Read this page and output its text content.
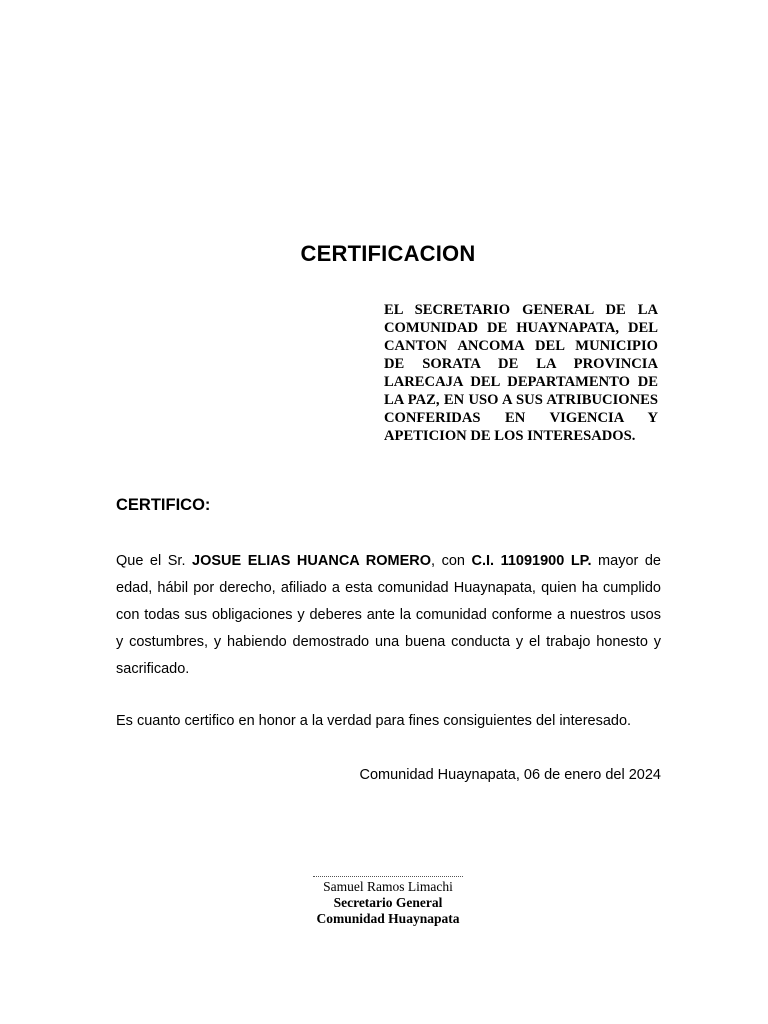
CERTIFICACION

EL SECRETARIO GENERAL DE LA COMUNIDAD DE HUAYNAPATA, DEL CANTON ANCOMA DEL MUNICIPIO DE SORATA DE LA PROVINCIA LARECAJA DEL DEPARTAMENTO DE LA PAZ, EN USO A SUS ATRIBUCIONES CONFERIDAS EN VIGENCIA Y APETICION DE LOS INTERESADOS.

CERTIFICO:

Que el Sr. JOSUE ELIAS HUANCA ROMERO, con C.I. 11091900 LP. mayor de edad, hábil por derecho, afiliado a esta comunidad Huaynapata, quien ha cumplido con todas sus obligaciones y deberes ante la comunidad conforme a nuestros usos y costumbres, y habiendo demostrado una buena conducta y el trabajo honesto y sacrificado.

Es cuanto certifico en honor a la verdad para fines consiguientes del interesado.

Comunidad Huaynapata, 06 de enero del 2024

Samuel Ramos Limachi
Secretario General
Comunidad Huaynapata
